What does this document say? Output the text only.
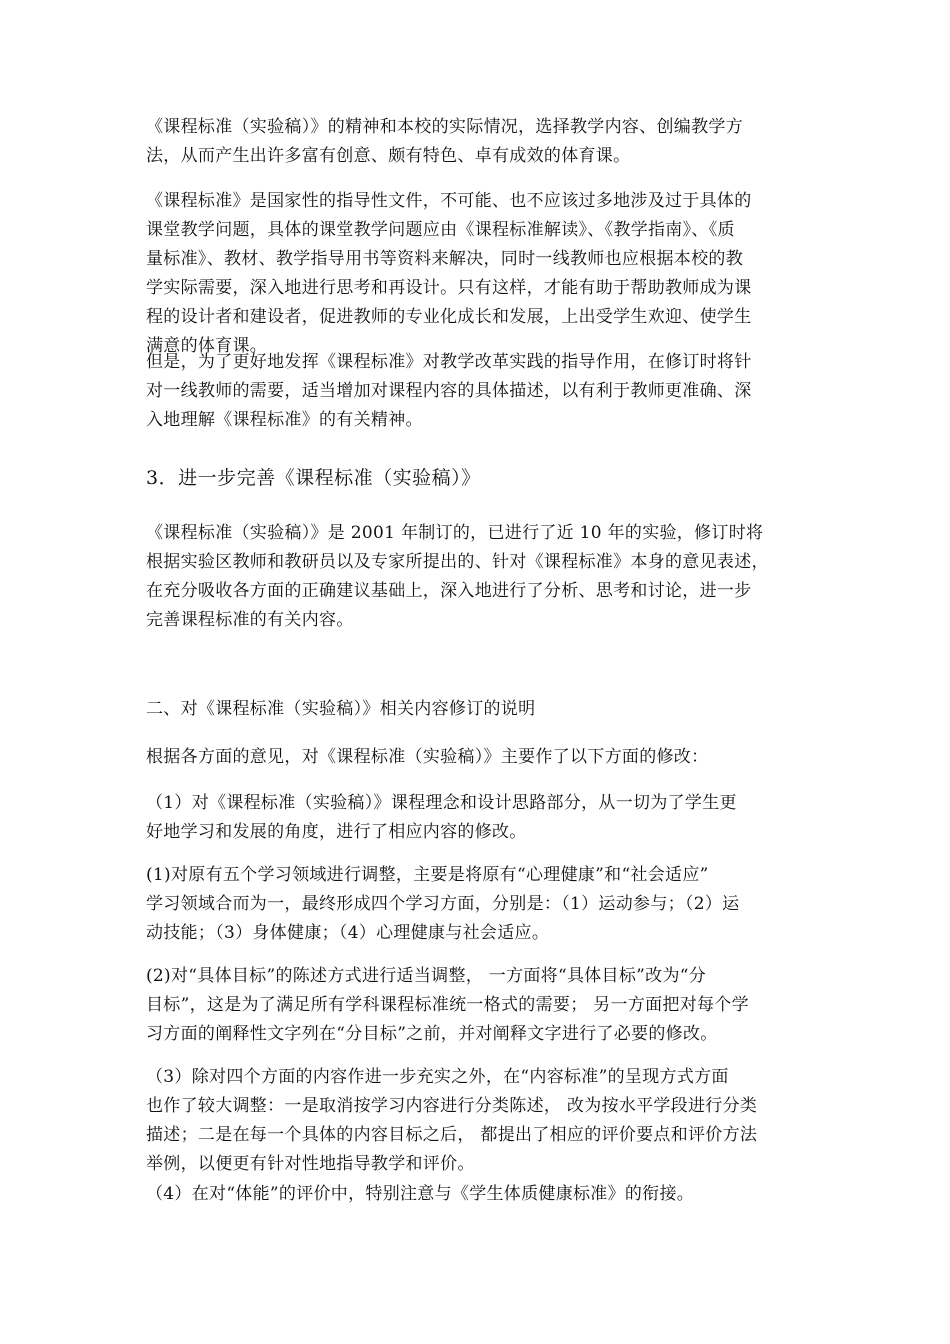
《课程标准（实验稿）》的精神和本校的实际情况，选择教学内容、创编教学方
法，从而产生出许多富有创意、颇有特色、卓有成效的体育课。
《课程标准》是国家性的指导性文件，不可能、也不应该过多地涉及过于具体的
课堂教学问题，具体的课堂教学问题应由《课程标准解读》、《教学指南》、《质
量标准》、教材、教学指导用书等资料来解决，同时一线教师也应根据本校的教
学实际需要，深入地进行思考和再设计。只有这样，才能有助于帮助教师成为课
程的设计者和建设者，促进教师的专业化成长和发展，上出受学生欢迎、使学生
满意的体育课。
但是，为了更好地发挥《课程标准》对教学改革实践的指导作用，在修订时将针
对一线教师的需要，适当增加对课程内容的具体描述，以有利于教师更准确、深
入地理解《课程标准》的有关精神。
3．进一步完善《课程标准（实验稿）》
《课程标准（实验稿）》是 2001 年制订的，已进行了近 10 年的实验，修订时将
根据实验区教师和教研员以及专家所提出的、针对《课程标准》本身的意见表述，
在充分吸收各方面的正确建议基础上，深入地进行了分析、思考和讨论，进一步
完善课程标准的有关内容。
二、对《课程标准（实验稿）》相关内容修订的说明
根据各方面的意见，对《课程标准（实验稿）》主要作了以下方面的修改：
（1）对《课程标准（实验稿）》课程理念和设计思路部分，从一切为了学生更
好地学习和发展的角度，进行了相应内容的修改。
(1)对原有五个学习领域进行调整，主要是将原有“心理健康”和“社会适应”
学习领域合而为一，最终形成四个学习方面，分别是：（1）运动参与；（2）运
动技能；（3）身体健康；（4）心理健康与社会适应。
(2)对“具体目标”的陈述方式进行适当调整， 一方面将“具体目标”改为“分
目标”，这是为了满足所有学科课程标准统一格式的需要； 另一方面把对每个学
习方面的阐释性文字列在“分目标”之前，并对阐释文字进行了必要的修改。
（3）除对四个方面的内容作进一步充实之外，在“内容标准”的呈现方式方面
也作了较大调整：一是取消按学习内容进行分类陈述， 改为按水平学段进行分类
描述；二是在每一个具体的内容目标之后， 都提出了相应的评价要点和评价方法
举例，以便更有针对性地指导教学和评价。
（4）在对“体能”的评价中，特别注意与《学生体质健康标准》的衔接。
